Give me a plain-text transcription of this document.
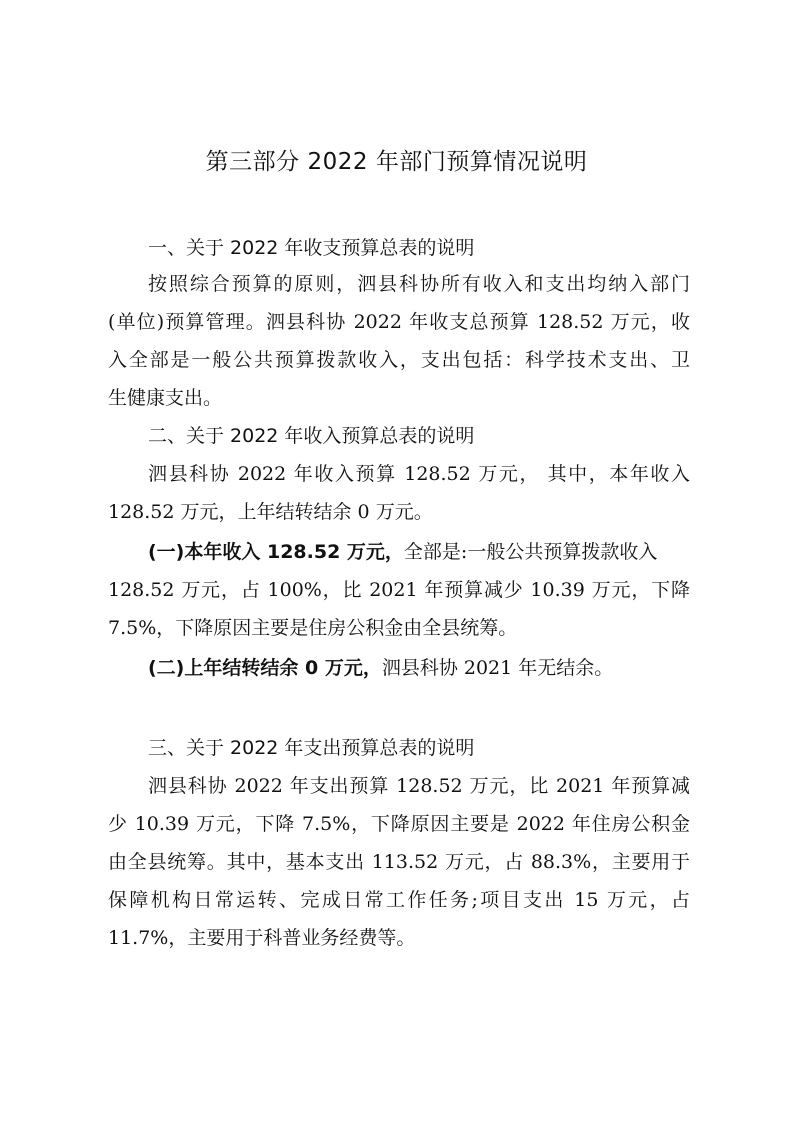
第三部分 2022 年部门预算情况说明
一、关于 2022 年收支预算总表的说明
按照综合预算的原则，泗县科协所有收入和支出均纳入部门
(单位)预算管理。泗县科协 2022 年收支总预算 128.52 万元，收
入全部是一般公共预算拨款收入，支出包括：科学技术支出、卫
生健康支出。
二、关于 2022 年收入预算总表的说明
泗县科协 2022 年收入预算 128.52 万元， 其中，本年收入
128.52 万元，上年结转结余 0 万元。
(一)本年收入 128.52 万元，全部是:一般公共预算拨款收入
128.52 万元，占 100%，比 2021 年预算减少 10.39 万元，下降
7.5%，下降原因主要是住房公积金由全县统筹。
(二)上年结转结余 0 万元，泗县科协 2021 年无结余。
三、关于 2022 年支出预算总表的说明
泗县科协 2022 年支出预算 128.52 万元，比 2021 年预算减
少 10.39 万元，下降 7.5%，下降原因主要是 2022 年住房公积金
由全县统筹。其中，基本支出 113.52 万元，占 88.3%，主要用于
保障机构日常运转、完成日常工作任务;项目支出 15 万元，占
11.7%，主要用于科普业务经费等。
